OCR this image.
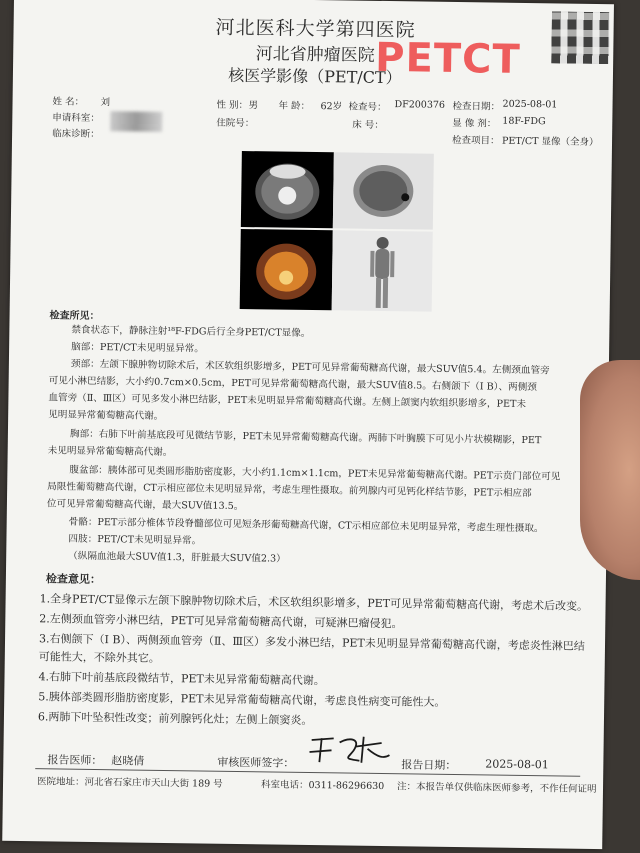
河北医科大学第四医院
河北省肿瘤医院
核医学影像（PET/CT）
PETCT
姓 名： 刘
申请科室：
临床诊断：
性 别： 男 年 龄： 62岁 检查号： DF200376 检查日期： 2025-08-01
住院号：	床 号：	显 像 剂： 18F-FDG
检查项目： PET/CT 显像（全身）
检查所见：
禁食状态下，静脉注射¹⁸F-FDG后行全身PET/CT显像。
脑部：PET/CT未见明显异常。
颈部：左颌下腺肿物切除术后，术区软组织影增多，PET可见异常葡萄糖高代谢，最大SUV值5.4。左侧颈血管旁
可见小淋巴结影，大小约0.7cm×0.5cm，PET可见异常葡萄糖高代谢，最大SUV值8.5。右侧颌下（Ⅰ B）、两侧颈
血管旁（Ⅱ、Ⅲ区）可见多发小淋巴结影，PET未见明显异常葡萄糖高代谢。左侧上颌窦内软组织影增多，PET未
见明显异常葡萄糖高代谢。
胸部：右肺下叶前基底段可见微结节影，PET未见异常葡萄糖高代谢。两肺下叶胸膜下可见小片状模糊影，PET
未见明显异常葡萄糖高代谢。
腹盆部：胰体部可见类圆形脂肪密度影，大小约1.1cm×1.1cm，PET未见异常葡萄糖高代谢。PET示贲门部位可见
局限性葡萄糖高代谢，CT示相应部位未见明显异常，考虑生理性摄取。前列腺内可见钙化样结节影，PET示相应部
位可见异常葡萄糖高代谢，最大SUV值13.5。
骨骼：PET示部分椎体节段脊髓部位可见短条形葡萄糖高代谢，CT示相应部位未见明显异常，考虑生理性摄取。
四肢：PET/CT未见明显异常。
（纵隔血池最大SUV值1.3，肝脏最大SUV值2.3）
检查意见：
1.全身PET/CT显像示左颌下腺肿物切除术后，术区软组织影增多，PET可见异常葡萄糖高代谢，考虑术后改变。
2.左侧颈血管旁小淋巴结，PET可见异常葡萄糖高代谢，可疑淋巴瘤侵犯。
3.右侧颌下（Ⅰ B）、两侧颈血管旁（Ⅱ、Ⅲ区）多发小淋巴结，PET未见明显异常葡萄糖高代谢，考虑炎性淋巴结
可能性大，不除外其它。
4.右肺下叶前基底段微结节，PET未见异常葡萄糖高代谢。
5.胰体部类圆形脂肪密度影，PET未见异常葡萄糖高代谢，考虑良性病变可能性大。
6.两肺下叶坠积性改变；前列腺钙化灶；左侧上颌窦炎。
报告医师： 赵晓倩	审核医师签字：	报告日期：	2025-08-01
医院地址：河北省石家庄市天山大街 189 号	科室电话：0311-86296630 注：本报告单仅供临床医师参考，不作任何证明
